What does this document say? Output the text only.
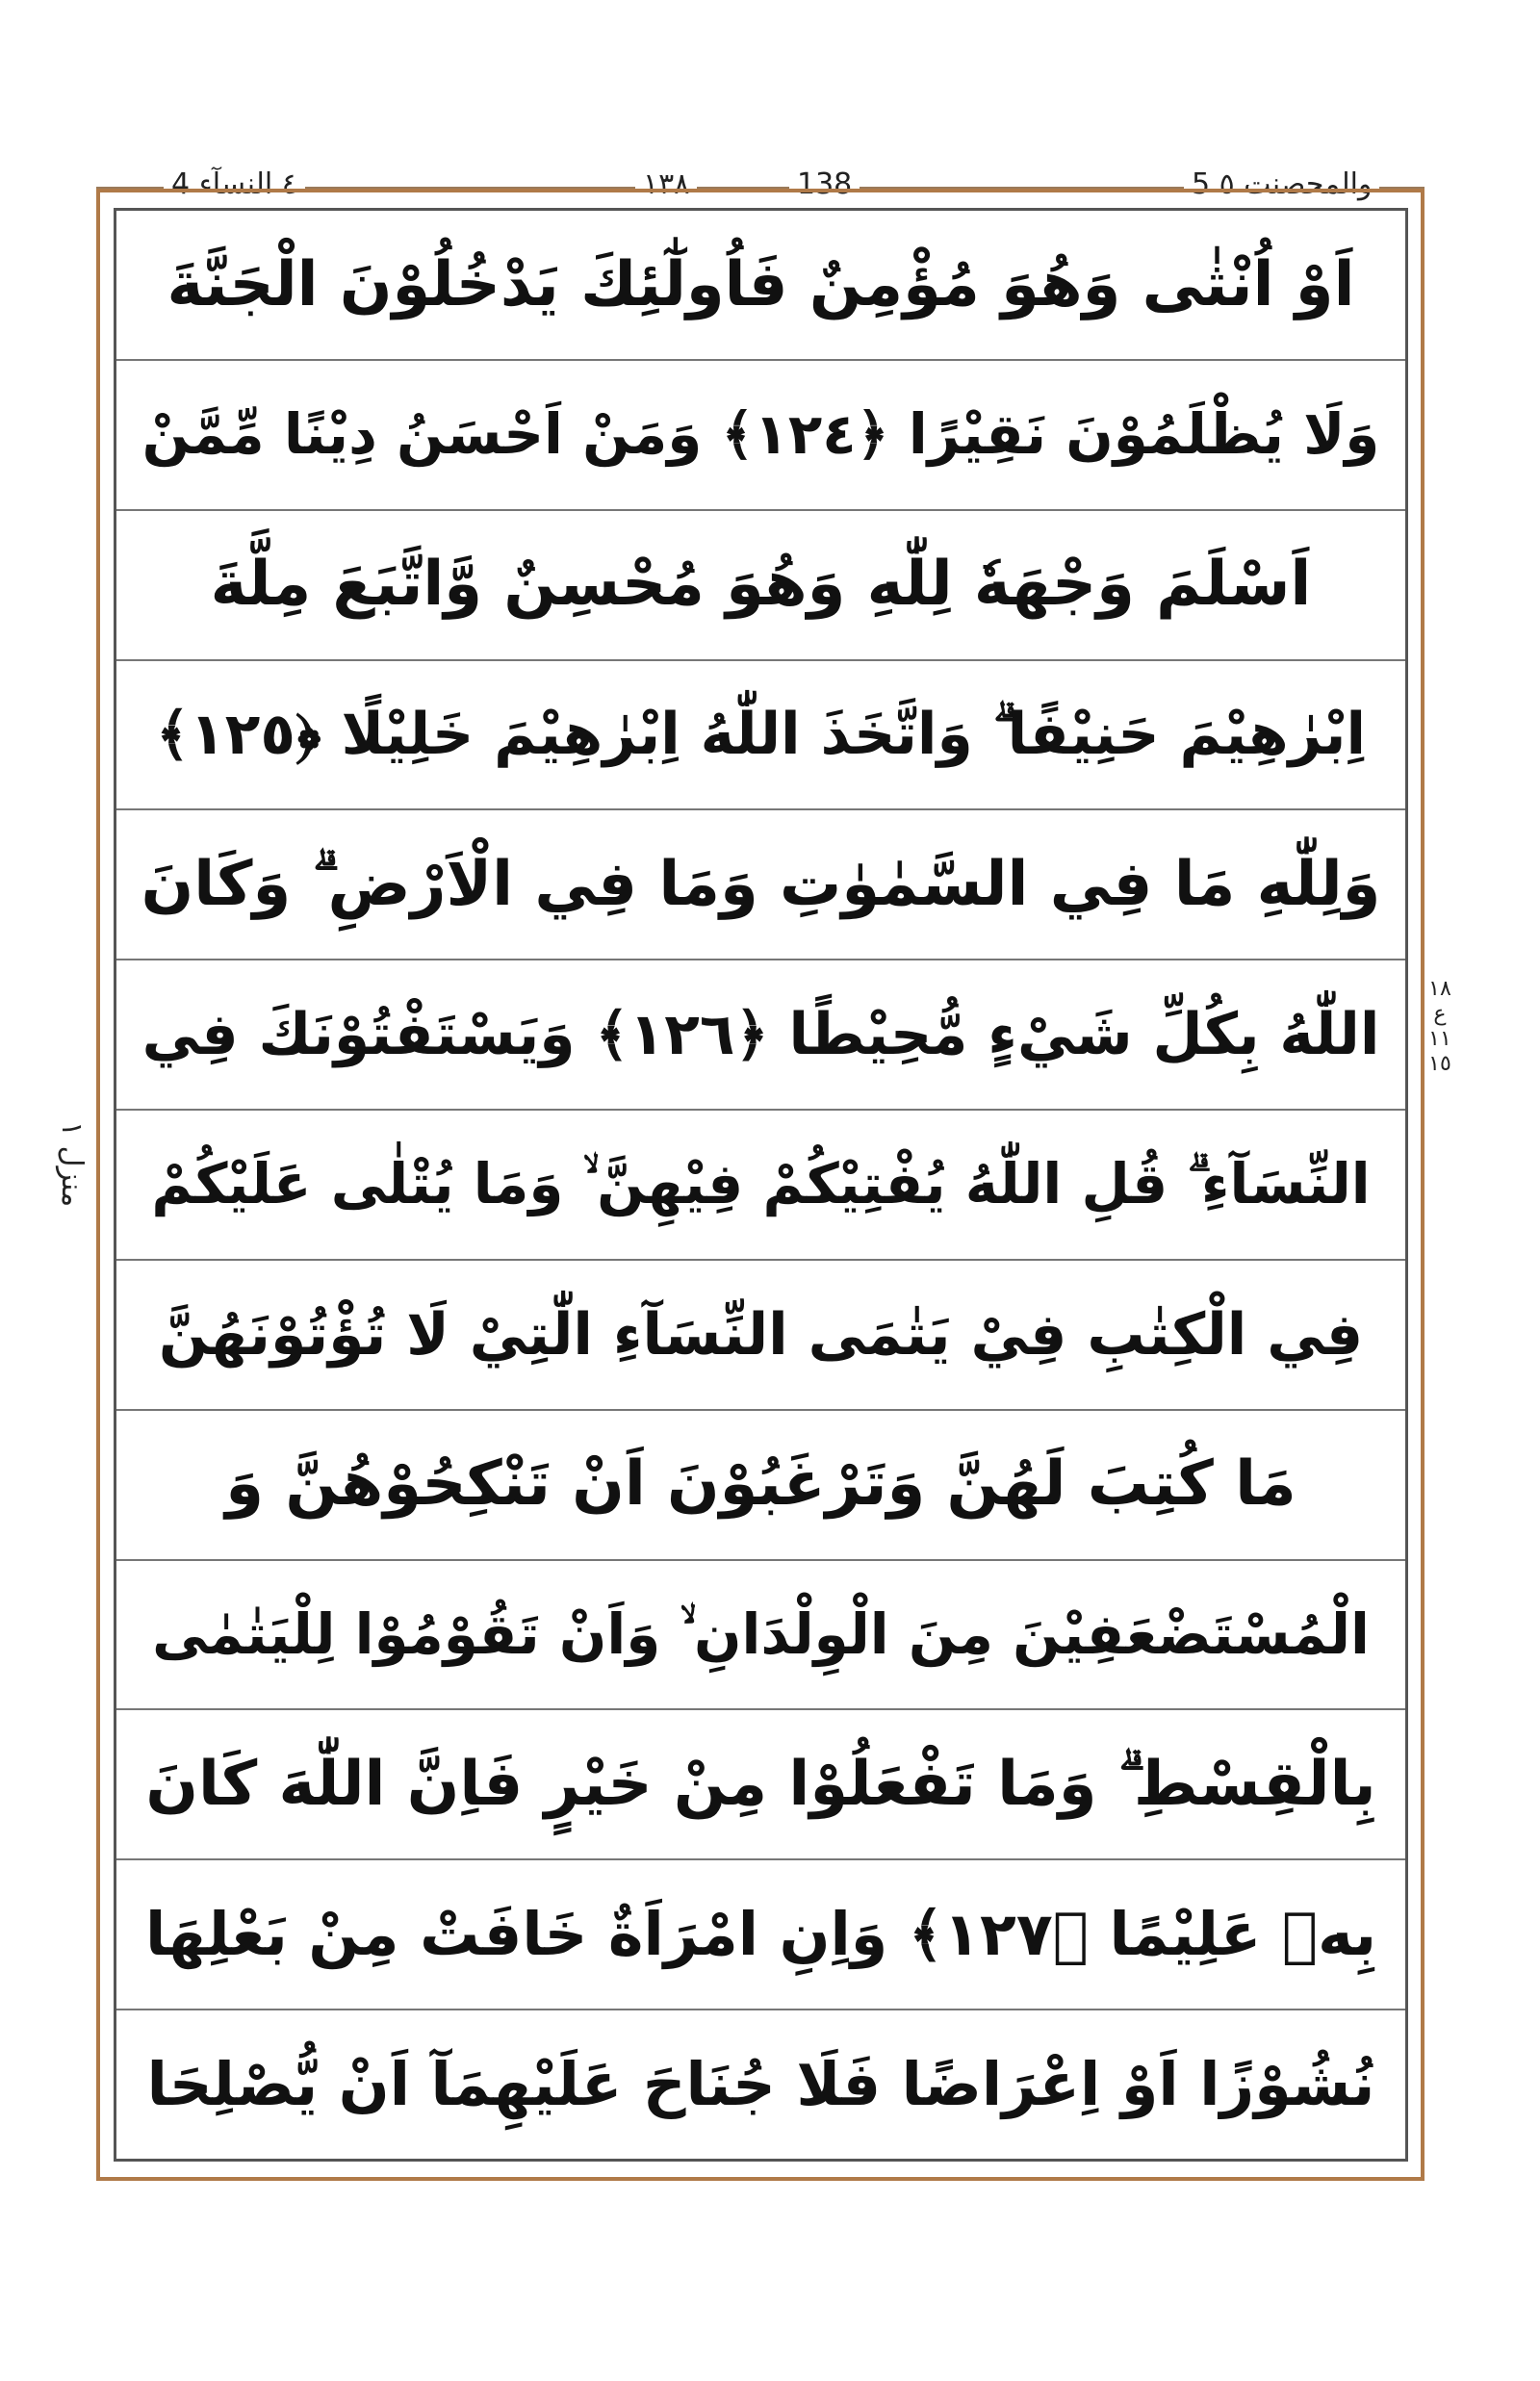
٤ النسآء 4	١٣٨	138	5 والمحصنت ٥
اَوْ اُنْثٰى وَهُوَ مُؤْمِنٌ فَاُولٰٓئِكَ يَدْخُلُوْنَ الْجَنَّةَ
وَلَا يُظْلَمُوْنَ نَقِيْرًا ﴿١٢٤﴾ وَمَنْ اَحْسَنُ دِيْنًا مِّمَّنْ
اَسْلَمَ وَجْهَهٗ لِلّٰهِ وَهُوَ مُحْسِنٌ وَّاتَّبَعَ مِلَّةَ
اِبْرٰهِيْمَ حَنِيْفًا ۗ وَاتَّخَذَ اللّٰهُ اِبْرٰهِيْمَ خَلِيْلًا ﴿١٢٥﴾
وَلِلّٰهِ مَا فِي السَّمٰوٰتِ وَمَا فِي الْاَرْضِ ۗ وَكَانَ
اللّٰهُ بِكُلِّ شَيْءٍ مُّحِيْطًا ﴿١٢٦﴾ وَيَسْتَفْتُوْنَكَ فِي
النِّسَآءِ ۗ قُلِ اللّٰهُ يُفْتِيْكُمْ فِيْهِنَّ ۙ وَمَا يُتْلٰى عَلَيْكُمْ
فِي الْكِتٰبِ فِيْ يَتٰمَى النِّسَآءِ الّٰتِيْ لَا تُؤْتُوْنَهُنَّ
مَا كُتِبَ لَهُنَّ وَتَرْغَبُوْنَ اَنْ تَنْكِحُوْهُنَّ وَ
الْمُسْتَضْعَفِيْنَ مِنَ الْوِلْدَانِ ۙ وَاَنْ تَقُوْمُوْا لِلْيَتٰمٰى
بِالْقِسْطِ ۗ وَمَا تَفْعَلُوْا مِنْ خَيْرٍ فَاِنَّ اللّٰهَ كَانَ
بِهٖ عَلِيْمًا ﴿١٢٧﴾ وَاِنِ امْرَاَةٌ خَافَتْ مِنْ بَعْلِهَا
نُشُوْزًا اَوْ اِعْرَاضًا فَلَا جُنَاحَ عَلَيْهِمَآ اَنْ يُّصْلِحَا
منزل ١
١٨ ع ١١ ١٥
